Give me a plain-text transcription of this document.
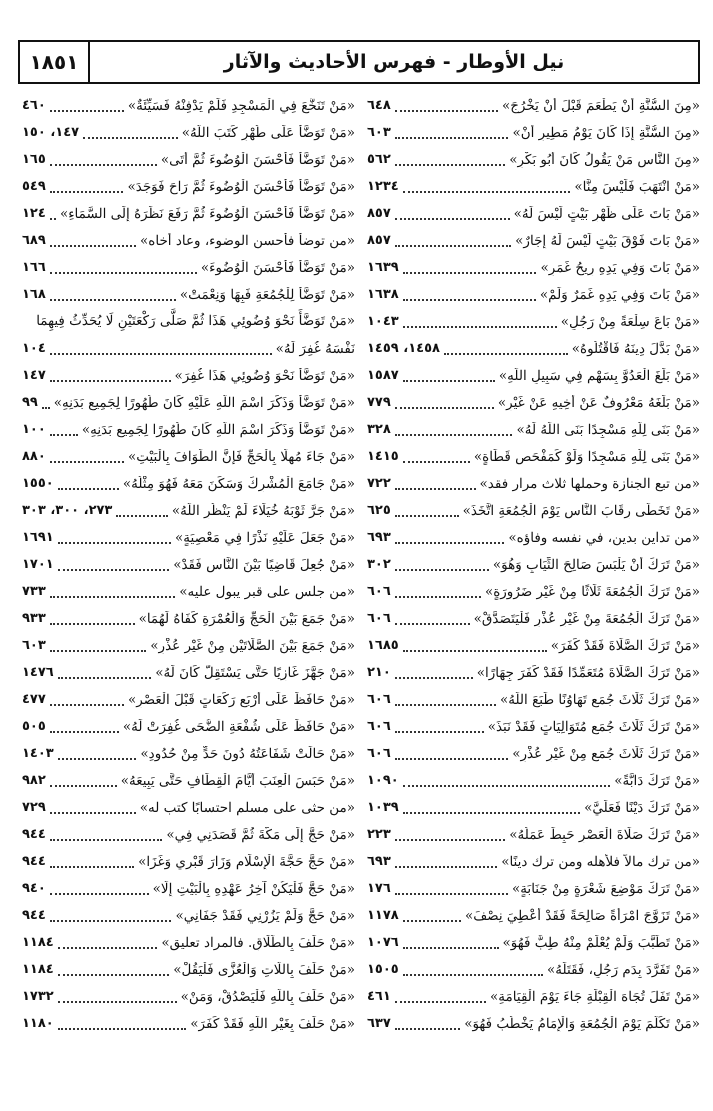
١٨٥١	نيل الأوطار - فهرس الأحاديث والآثار
«مِنَ السُّنَّةِ أَنْ يَطْعَمَ قَبْلَ أَنْ يَخْرُجَ»
٦٤٨
«مِنَ السُّنَّةِ إِذَا كَانَ يَوْمُ مَطِيرٍ أَنْ»
٦٠٣
«مِنَ النَّاسِ مَنْ يَقُولُ كَانَ أَبُو بَكْرٍ»
٥٦٢
«مَنْ انْتَهَبَ فَلَيْسَ مِنَّا»
١٢٣٤
«مَنْ بَاتَ عَلَى ظَهْرِ بَيْتٍ لَيْسَ لَهُ»
٨٥٧
«مَنْ بَاتَ فَوْقَ بَيْتٍ لَيْسَ لَهُ إِجَارٌ»
٨٥٧
«مَنْ بَاتَ وَفِي يَدِهِ رِيحُ غَمَرٍ»
١٦٣٩
«مَنْ بَاتَ وَفِي يَدِهِ غَمَرٌ وَلَمْ»
١٦٣٨
«مَنْ بَاعَ سِلْعَةً مِنْ رَجُلٍ»
١٠٤٣
«مَنْ بَدَّلَ دِينَهُ فَاقْتُلُوهُ»
١٤٥٨، ١٤٥٩
«مَنْ بَلَغَ الْعَدُوَّ بِسَهْمٍ فِي سَبِيلِ اللَّهِ»
١٥٨٧
«مَنْ بَلَغَهُ مَعْرُوفٌ عَنْ أَخِيهِ عَنْ غَيْرِ»
٧٧٩
«مَنْ بَنَى لِلَّهِ مَسْجِدًا بَنَى اللَّهُ لَهُ»
٣٢٨
«مَنْ بَنَى لِلَّهِ مَسْجِدًا وَلَوْ كَمَفْحَصِ قَطَاةٍ»
١٤١٥
«من تبع الجنازة وحملها ثلاث مرار فقد»
٧٢٢
«مَنْ تَخَطَّى رِقَابَ النَّاسِ يَوْمَ الْجُمُعَةِ اتَّخَذَ»
٦٢٥
«من تداين بدين، في نفسه وفاؤه»
٦٩٣
«مَنْ تَرَكَ أَنْ يَلْبَسَ صَالِحَ الثِّيَابِ وَهُوَ»
٣٠٢
«مَنْ تَرَكَ الْجُمُعَةَ ثَلَاثًا مِنْ غَيْرِ ضَرُورَةٍ»
٦٠٦
«مَنْ تَرَكَ الْجُمُعَةَ مِنْ غَيْرِ عُذْرٍ فَلْيَتَصَدَّقْ»
٦٠٦
«مَنْ تَرَكَ الصَّلَاةَ فَقَدْ كَفَرَ»
١٦٨٥
«مَنْ تَرَكَ الصَّلَاةَ مُتَعَمِّدًا فَقَدْ كَفَرَ جِهَارًا»
٢١٠
«مَنْ تَرَكَ ثَلَاثَ جُمَعٍ تَهَاوُنًا طَبَعَ اللَّهُ»
٦٠٦
«مَنْ تَرَكَ ثَلَاثَ جُمَعٍ مُتَوَالِيَاتٍ فَقَدْ نَبَذَ»
٦٠٦
«مَنْ تَرَكَ ثَلَاثَ جُمَعٍ مِنْ غَيْرِ عُذْرٍ»
٦٠٦
«مَنْ تَرَكَ دَابَّةً»
١٠٩٠
«مَنْ تَرَكَ دَيْنًا فَعَلَيَّ»
١٠٣٩
«مَنْ تَرَكَ صَلَاةَ الْعَصْرِ حَبِطَ عَمَلُهُ»
٢٢٣
«من ترك مالاً فلأهله ومن ترك دينًا»
٦٩٣
«مَنْ تَرَكَ مَوْضِعَ شَعْرَةٍ مِنْ جَنَابَةٍ»
١٧٦
«مَنْ تَزَوَّجَ امْرَأَةً صَالِحَةً فَقَدْ أُعْطِيَ نِصْفَ»
١١٧٨
«مَنْ تَطَبَّبَ وَلَمْ يُعْلَمْ مِنْهُ طِبٌّ فَهُوَ»
١٠٧٦
«مَنْ تَفَرَّدَ بِدَمِ رَجُلٍ، فَقَتَلَهُ»
١٥٠٥
«مَنْ تَفَلَ تُجَاهَ الْقِبْلَةِ جَاءَ يَوْمَ الْقِيَامَةِ»
٤٦١
«مَنْ تَكَلَّمَ يَوْمَ الْجُمُعَةِ وَالْإِمَامُ يَخْطُبُ فَهُوَ»
٦٣٧
«مَنْ تَنَخَّعَ فِي الْمَسْجِدِ فَلَمْ يَدْفِنْهُ فَسَيِّئَةٌ»
٤٦٠
«مَنْ تَوَضَّأَ عَلَى طُهْرٍ كَتَبَ اللَّهُ»
١٤٧، ١٥٠
«مَنْ تَوَضَّأَ فَأَحْسَنَ الْوُضُوءَ ثُمَّ أَتَى»
١٦٥
«مَنْ تَوَضَّأَ فَأَحْسَنَ الْوُضُوءَ ثُمَّ رَاحَ فَوَجَدَ»
٥٤٩
«مَنْ تَوَضَّأَ فَأَحْسَنَ الْوُضُوءَ ثُمَّ رَفَعَ نَظَرَهُ إِلَى السَّمَاءِ»
١٢٤
«من توضأ فأحسن الوضوء، وعاد أخاه»
٦٨٩
«مَنْ تَوَضَّأَ فَأَحْسَنَ الْوُضُوءَ»
١٦٦
«مَنْ تَوَضَّأَ لِلْجُمُعَةِ فَبِهَا وَنِعْمَتْ»
١٦٨
«مَنْ تَوَضَّأَ نَحْوَ وُضُوئِي هَذَا ثُمَّ صَلَّى رَكْعَتَيْنِ لَا يُحَدِّثُ فِيهِمَا
نَفْسَهُ غُفِرَ لَهُ»
١٠٤
«مَنْ تَوَضَّأَ نَحْوَ وُضُوئِي هَذَا غُفِرَ»
١٤٧
«مَنْ تَوَضَّأَ وَذَكَرَ اسْمَ اللَّهِ عَلَيْهِ كَانَ طُهُورًا لِجَمِيعِ بَدَنِهِ»
٩٩
«مَنْ تَوَضَّأَ وَذَكَرَ اسْمَ اللَّهِ كَانَ طُهُورًا لِجَمِيعِ بَدَنِهِ»
١٠٠
«مَنْ جَاءَ مُهِلًّا بِالْحَجِّ فَإِنَّ الطَّوَافَ بِالْبَيْتِ»
٨٨٠
«مَنْ جَامَعَ الْمُشْرِكَ وَسَكَنَ مَعَهُ فَهُوَ مِثْلُهُ»
١٥٥٠
«مَنْ جَرَّ ثَوْبَهُ خُيَلَاءَ لَمْ يَنْظُرِ اللَّهُ»
٢٧٣، ٣٠٠، ٣٠٣
«مَنْ جَعَلَ عَلَيْهِ نَذْرًا فِي مَعْصِيَةٍ»
١٦٩١
«مَنْ جُعِلَ قَاضِيًا بَيْنَ النَّاسِ فَقَدْ»
١٧٠١
«من جلس على قبر يبول عليه»
٧٣٣
«مَنْ جَمَعَ بَيْنَ الْحَجِّ وَالْعُمْرَةِ كَفَاهُ لَهُمَا»
٩٣٣
«مَنْ جَمَعَ بَيْنَ الصَّلَاتَيْنِ مِنْ غَيْرِ عُذْرٍ»
٦٠٣
«مَنْ جَهَّزَ غَازِيًا حَتَّى يَسْتَقِلَّ كَانَ لَهُ»
١٤٧٦
«مَنْ حَافَظَ عَلَى أَرْبَعِ رَكَعَاتٍ قَبْلَ الْعَصْرِ»
٤٧٧
«مَنْ حَافَظَ عَلَى شُفْعَةِ الضُّحَى غُفِرَتْ لَهُ»
٥٠٥
«مَنْ حَالَتْ شَفَاعَتُهُ دُونَ حَدٍّ مِنْ حُدُودِ»
١٤٠٣
«مَنْ حَبَسَ الْعِنَبَ أَيَّامَ الْقِطَافِ حَتَّى يَبِيعَهُ»
٩٨٢
«من حثى على مسلم احتسابًا كتب له»
٧٢٩
«مَنْ حَجَّ إِلَى مَكَّةَ ثُمَّ قَصَدَنِي فِي»
٩٤٤
«مَنْ حَجَّ حَجَّةَ الْإِسْلَامِ وَزَارَ قَبْرِي وَغَزَا»
٩٤٤
«مَنْ حَجَّ فَلْيَكُنْ آخِرُ عَهْدِهِ بِالْبَيْتِ إِلَّا»
٩٤٠
«مَنْ حَجَّ وَلَمْ يَزُرْنِي فَقَدْ جَفَانِي»
٩٤٤
«مَنْ حَلَفَ بِالطَّلَاقِ. فالمراد تعليق»
١١٨٤
«مَنْ حَلَفَ بِاللَّاتِ وَالْعُزَّى فَلْيَقُلْ»
١١٨٤
«مَنْ حَلَفَ بِاللَّهِ فَلْيَصْدُقْ، وَمَنْ»
١٧٣٢
«مَنْ حَلَفَ بِغَيْرِ اللَّهِ فَقَدْ كَفَرَ»
١١٨٠
